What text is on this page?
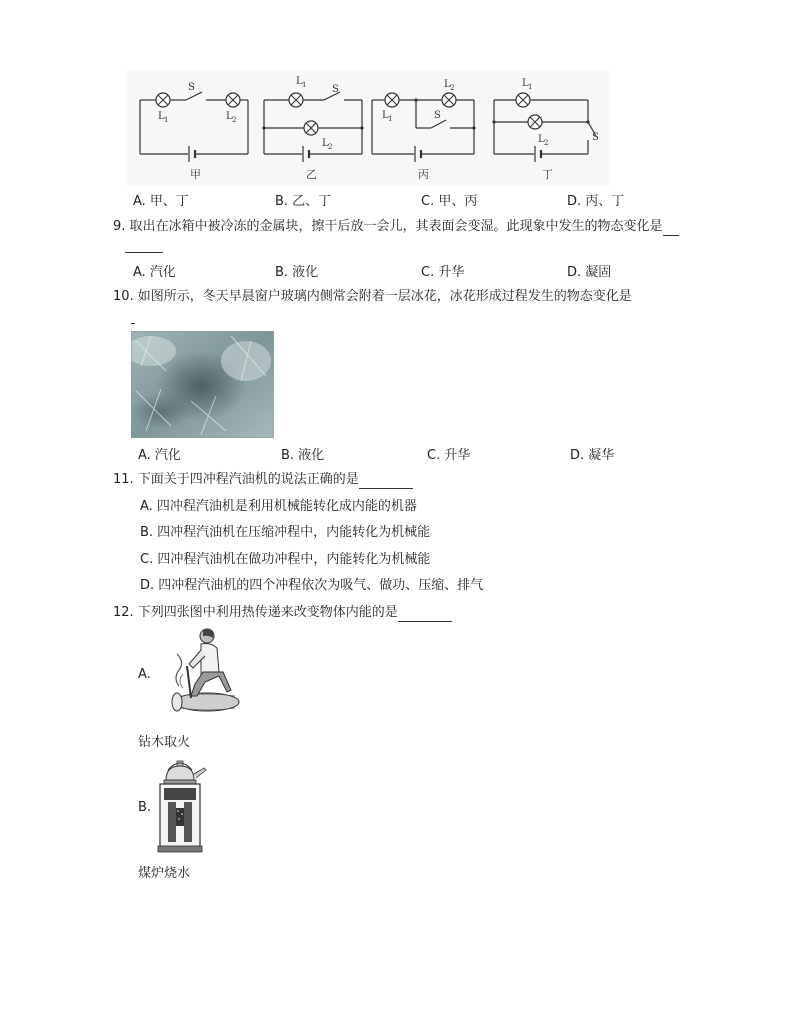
S
L 1	L 2
甲
S
L 1
L 2
乙
S
L 1
L 2
丙
S
L 1
L 2
丁
A. 甲、丁	B. 乙、丁	C. 甲、丙	D. 丙、丁
9. 取出在冰箱中被冷冻的金属块，擦干后放一会儿，其表面会变湿。此现象中发生的物态变化是
A. 汽化	B. 液化	C. 升华	D. 凝固
10. 如图所示，冬天早晨窗户玻璃内侧常会附着一层冰花，冰花形成过程发生的物态变化是
A. 汽化	B. 液化	C. 升华	D. 凝华
11. 下面关于四冲程汽油机的说法正确的是
A. 四冲程汽油机是利用机械能转化成内能的机器
B. 四冲程汽油机在压缩冲程中，内能转化为机械能
C. 四冲程汽油机在做功冲程中，内能转化为机械能
D. 四冲程汽油机的四个冲程依次为吸气、做功、压缩、排气
12. 下列四张图中利用热传递来改变物体内能的是
A.
钻木取火
B.
煤炉烧水
